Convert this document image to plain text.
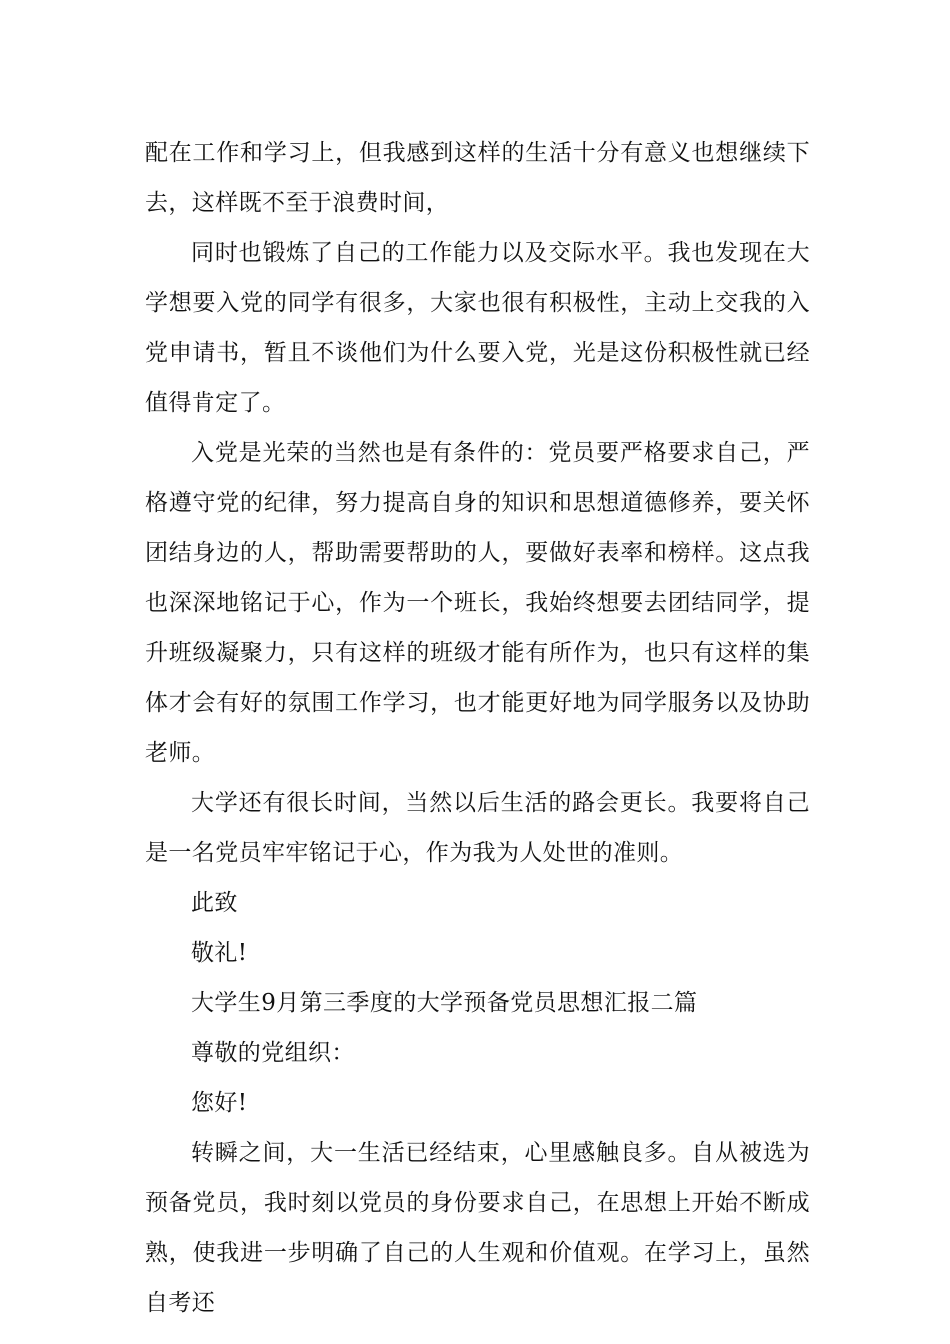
配在工作和学习上，但我感到这样的生活十分有意义也想继续下去，这样既不至于浪费时间，

同时也锻炼了自己的工作能力以及交际水平。我也发现在大学想要入党的同学有很多，大家也很有积极性，主动上交我的入党申请书，暂且不谈他们为什么要入党，光是这份积极性就已经值得肯定了。

入党是光荣的当然也是有条件的：党员要严格要求自己，严格遵守党的纪律，努力提高自身的知识和思想道德修养，要关怀团结身边的人，帮助需要帮助的人，要做好表率和榜样。这点我也深深地铭记于心，作为一个班长，我始终想要去团结同学，提升班级凝聚力，只有这样的班级才能有所作为，也只有这样的集体才会有好的氛围工作学习，也才能更好地为同学服务以及协助老师。

大学还有很长时间，当然以后生活的路会更长。我要将自己是一名党员牢牢铭记于心，作为我为人处世的准则。

此致

敬礼!

大学生9月第三季度的大学预备党员思想汇报二篇

尊敬的党组织：

您好!

转瞬之间，大一生活已经结束，心里感触良多。自从被选为预备党员，我时刻以党员的身份要求自己，在思想上开始不断成熟，使我进一步明确了自己的人生观和价值观。在学习上，虽然自考还
